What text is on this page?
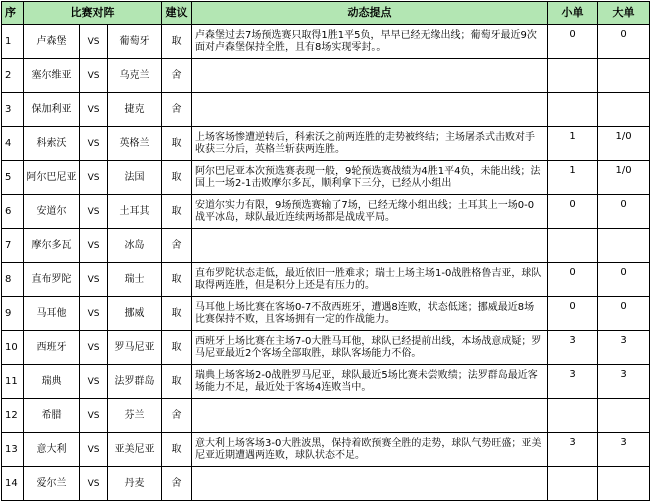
序	比赛对阵			建议	动态提点	小单	大单
1	卢森堡	VS	葡萄牙	取	卢森堡过去7场预选赛只取得1胜1平5负，早早已经无缘出线；葡萄牙最近9次面对卢森堡保持全胜，且有8场实现零封。。	0	0
2	塞尔维亚	VS	乌克兰	舍			
3	保加利亚	VS	捷克	舍			
4	科索沃	VS	英格兰	取	上场客场惨遭逆转后，科索沃之前两连胜的走势被终结；主场屠杀式击败对手收获三分后，英格兰斩获两连胜。	1	1/0
5	阿尔巴尼亚	VS	法国	取	阿尔巴尼亚本次预选赛表现一般，9轮预选赛战绩为4胜1平4负，未能出线；法国上一场2-1击败摩尔多瓦，顺利拿下三分，已经从小组出	1	1/0
6	安道尔	VS	土耳其	取	安道尔实力有限，9场预选赛输了7场，已经无缘小组出线；土耳其上一场0-0战平冰岛，球队最近连续两场都是战成平局。	0	0
7	摩尔多瓦	VS	冰岛	舍			
8	直布罗陀	VS	瑞士	取	直布罗陀状态走低，最近依旧一胜难求；瑞士上场主场1-0战胜格鲁吉亚，球队取得两连胜，但是积分上还是有压力的。	0	0
9	马耳他	VS	挪威	取	马耳他上场比赛在客场0-7不敌西班牙，遭遇8连败，状态低迷；挪威最近8场比赛保持不败，且客场拥有一定的作战能力。	0	0
10	西班牙	VS	罗马尼亚	取	西班牙上场比赛在主场7-0大胜马耳他，球队已经提前出线，本场战意成疑；罗马尼亚最近2个客场全部取胜，球队客场能力不俗。	3	3
11	瑞典	VS	法罗群岛	取	瑞典上场客场2-0战胜罗马尼亚，球队最近5场比赛未尝败绩；法罗群岛最近客场能力不足，最近处于客场4连败当中。	3	3
12	希腊	VS	芬兰	舍			
13	意大利	VS	亚美尼亚	取	意大利上场客场3-0大胜波黑，保持着欧预赛全胜的走势，球队气势旺盛；亚美尼亚近期遭遇两连败，球队状态不足。	3	3
14	爱尔兰	VS	丹麦	舍			
